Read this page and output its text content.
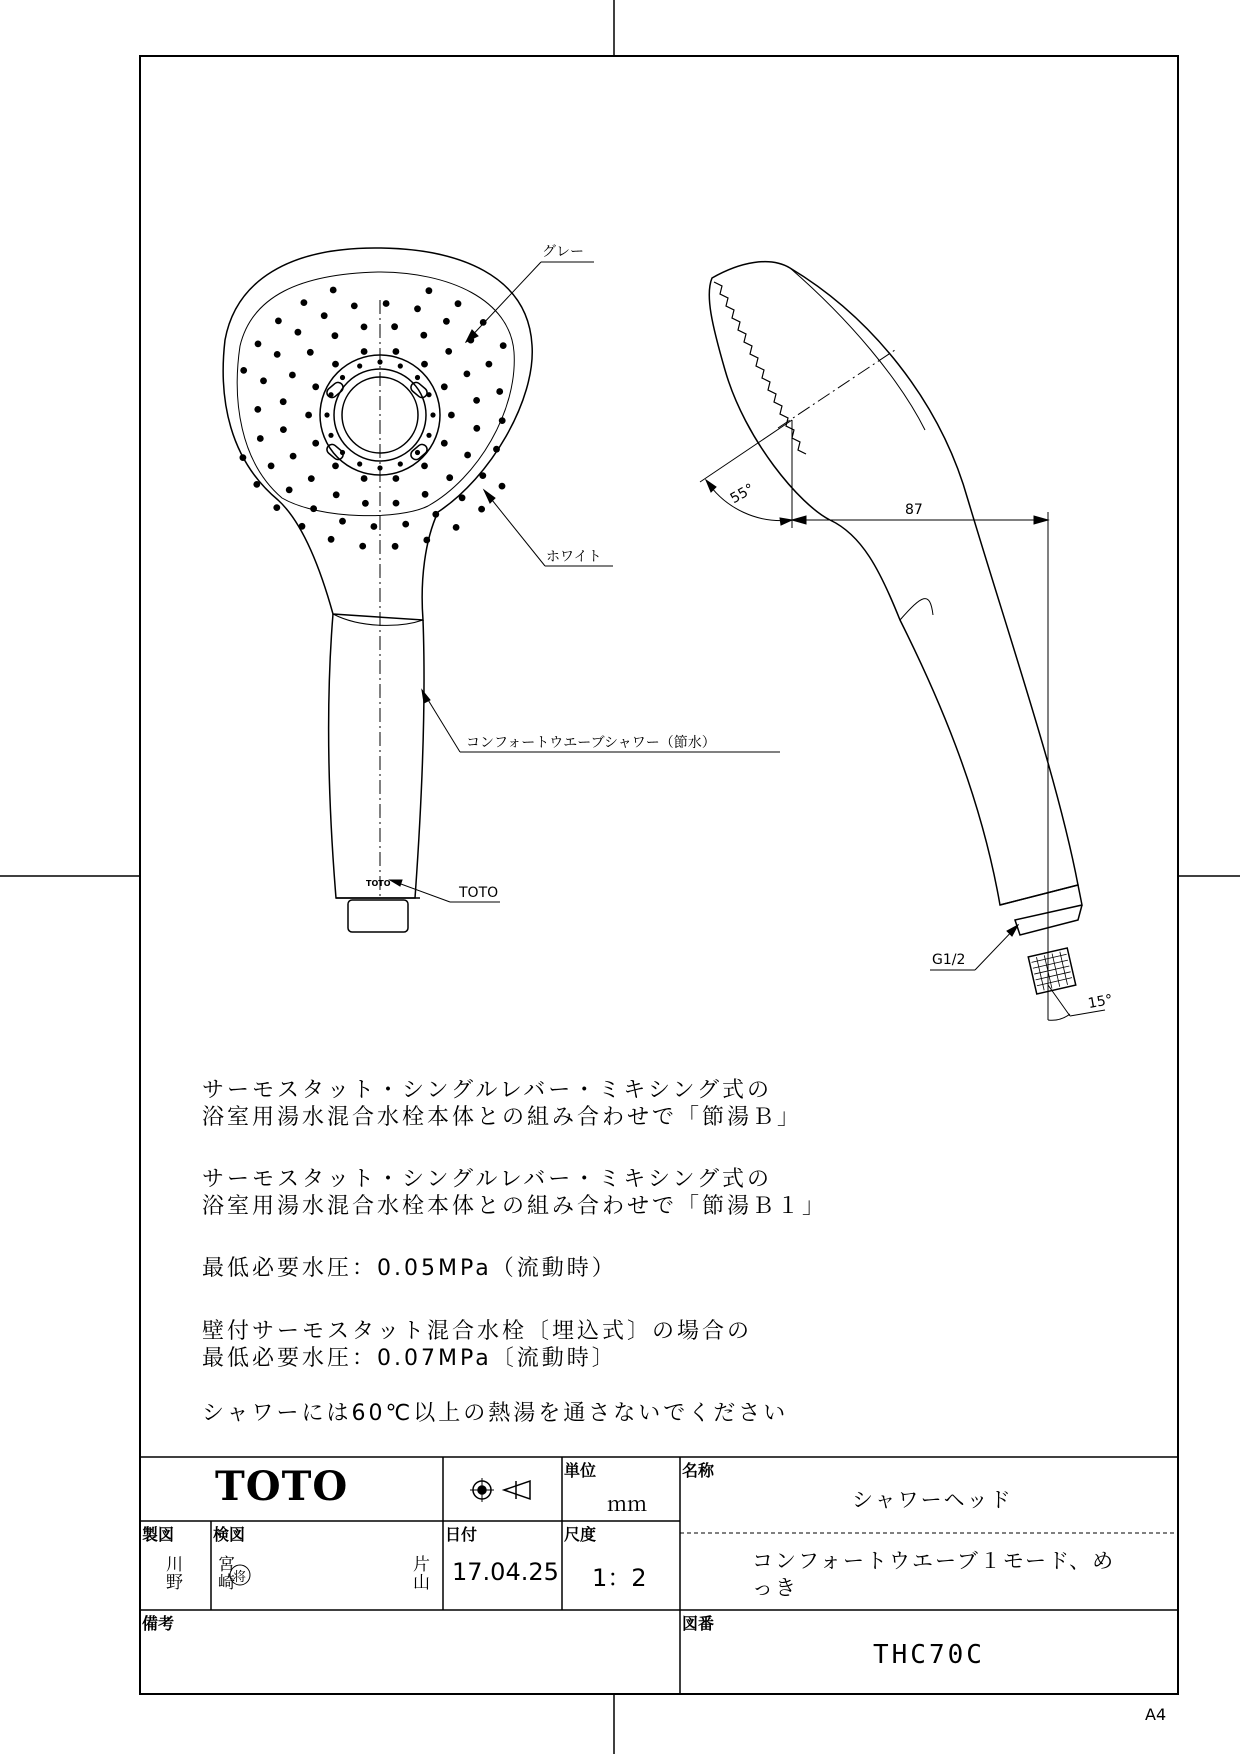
グレー
ホワイト
コンフォートウエーブシャワー（節水）
TOTO
TOTO
G1/2
55°
87
15°
サーモスタット・シングルレバー・ミキシング式の
浴室用湯水混合水栓本体との組み合わせで「節湯Ｂ」
サーモスタット・シングルレバー・ミキシング式の
浴室用湯水混合水栓本体との組み合わせで「節湯Ｂ１」
最低必要水圧：0.05MPa（流動時）
壁付サーモスタット混合水栓〔埋込式〕の場合の
最低必要水圧：0.07MPa〔流動時〕
シャワーには60℃以上の熱湯を通さないでください
TOTO	単位
ｍｍ
名称
シャワーヘッド
コンフォートウエーブ１モード、め
っき
製図
川
野
検図
宮
崎
将
片
山
日付
17.04.25
尺度
1：2
備考	図番
THC70C
A4
